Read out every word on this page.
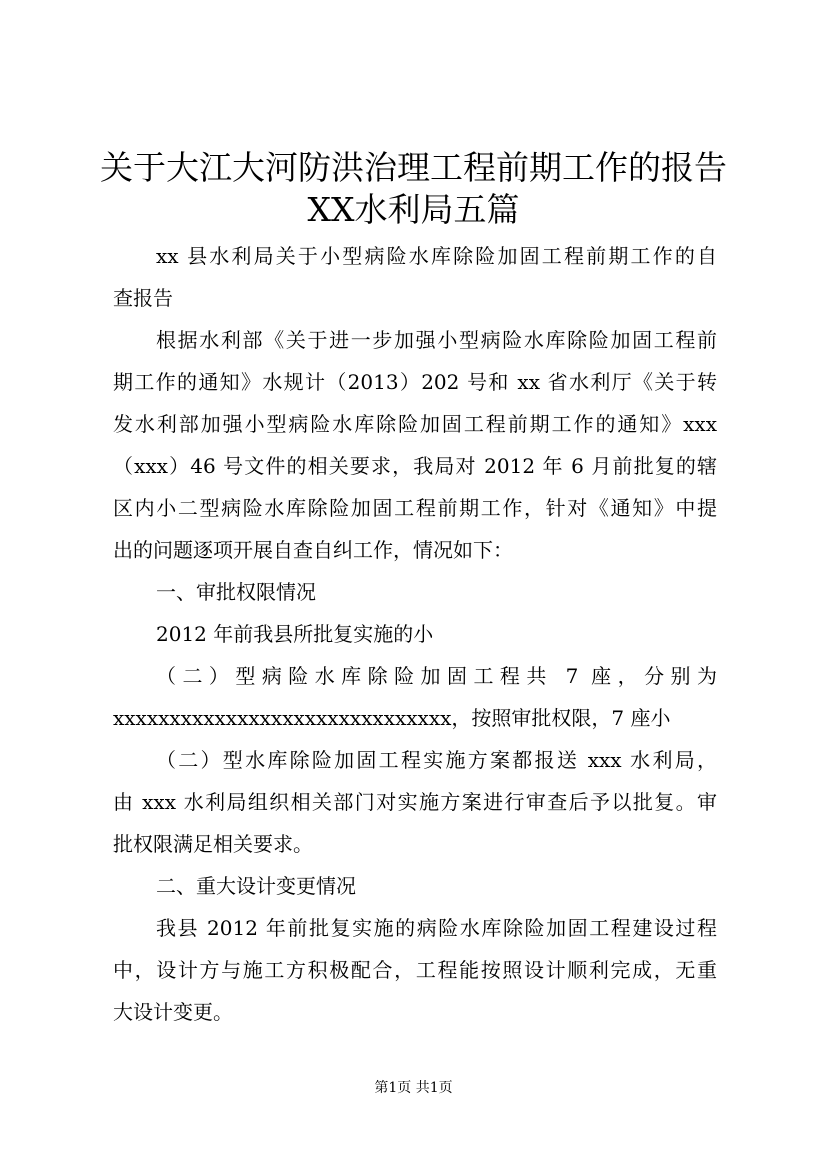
关于大江大河防洪治理工程前期工作的报告
XX水利局五篇

xx 县水利局关于小型病险水库除险加固工程前期工作的自

查报告

根据水利部《关于进一步加强小型病险水库除险加固工程前

期工作的通知》水规计（2013）202 号和 xx 省水利厅《关于转

发水利部加强小型病险水库除险加固工程前期工作的通知》xxx

（xxx）46 号文件的相关要求，我局对 2012 年 6 月前批复的辖

区内小二型病险水库除险加固工程前期工作，针对《通知》中提

出的问题逐项开展自查自纠工作，情况如下：

一、审批权限情况

2012 年前我县所批复实施的小

（二）型病险水库除险加固工程共 7 座，分别为

xxxxxxxxxxxxxxxxxxxxxxxxxxxxxx，按照审批权限，7 座小

（二）型水库除险加固工程实施方案都报送 xxx 水利局，

由 xxx 水利局组织相关部门对实施方案进行审查后予以批复。审

批权限满足相关要求。

二、重大设计变更情况

我县 2012 年前批复实施的病险水库除险加固工程建设过程

中，设计方与施工方积极配合，工程能按照设计顺利完成，无重

大设计变更。

第1页 共1页
